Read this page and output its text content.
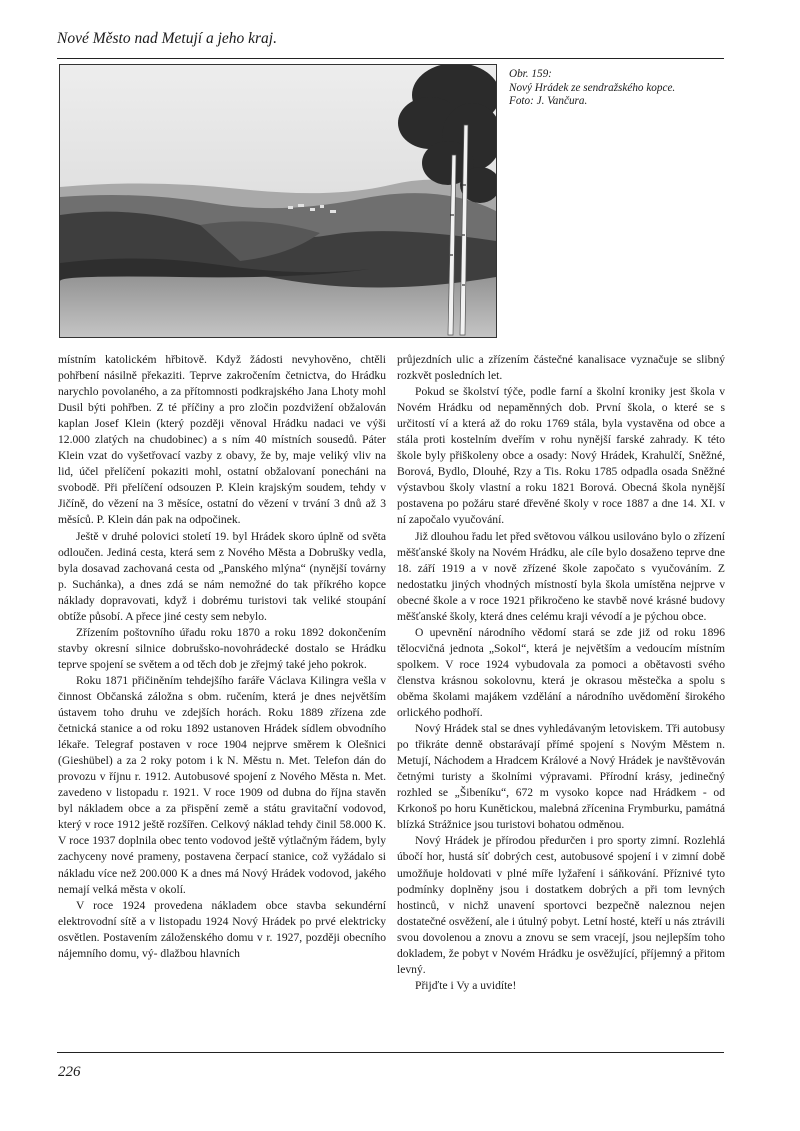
Nové Město nad Metují a jeho kraj.
Obr. 159:
Nový Hrádek ze sendražského kopce.
Foto: J. Vančura.

místním katolickém hřbitově. Když žádosti nevyhověno, chtěli pohřbení násilně překaziti. Teprve zakročením četnictva, do Hrádku narychlo povolaného, a za přítomnosti podkrajského Jana Lhoty mohl Dusil býti pohřben. Z té příčiny a pro zločin pozdvižení obžalován kaplan Josef Klein (který později věnoval Hrádku nadaci ve výši 12.000 zlatých na chudobinec) a s ním 40 místních sousedů. Páter Klein vzat do vyšetřovací vazby z obavy, že by, maje veliký vliv na lid, účel přelíčení pokaziti mohl, ostatní obžalovaní ponecháni na svobodě. Při přelíčení odsouzen P. Klein krajským soudem, tehdy v Jičíně, do vězení na 3 měsíce, ostatní do vězení v trvání 3 dnů až 3 měsíců. P. Klein dán pak na odpočinek.

Ještě v druhé polovici století 19. byl Hrádek skoro úplně od světa odloučen. Jediná cesta, která sem z Nového Města a Dobrušky vedla, byla dosavad zachovaná cesta od „Panského mlýna“ (nynější továrny p. Suchánka), a dnes zdá se nám nemožné do tak příkrého kopce náklady dopravovati, když i dobrému turistovi tak veliké stoupání obtíže působí. A přece jiné cesty sem nebylo.

Zřízením poštovního úřadu roku 1870 a roku 1892 dokončením stavby okresní silnice dobrušsko-novohrádecké dostalo se Hrádku teprve spojení se světem a od těch dob je zřejmý také jeho pokrok.

Roku 1871 přičiněním tehdejšího faráře Václava Kilingra vešla v činnost Občanská záložna s obm. ručením, která je dnes největším ústavem toho druhu ve zdejších horách. Roku 1889 zřízena zde četnická stanice a od roku 1892 ustanoven Hrádek sídlem obvodního lékaře. Telegraf postaven v roce 1904 nejprve směrem k Olešnici (Gieshübel) a za 2 roky potom i k N. Městu n. Met. Telefon dán do provozu v říjnu r. 1912. Autobusové spojení z Nového Města n. Met. zavedeno v listopadu r. 1921. V roce 1909 od dubna do října stavěn byl nákladem obce a za přispění země a státu gravitační vodovod, který v roce 1912 ještě rozšířen. Celkový náklad tehdy činil 58.000 K. V roce 1937 doplnila obec tento vodovod ještě výtlačným řádem, byly zachyceny nové prameny, postavena čerpací stanice, což vyžádalo si nákladu více než 200.000 K a dnes má Nový Hrádek vodovod, jakého nemají velká města v okolí.

V roce 1924 provedena nákladem obce stavba sekundérní elektrovodní sítě a v listopadu 1924 Nový Hrádek po prvé elektricky osvětlen. Postavením záloženského domu v r. 1927, později obecního nájemního domu, vý- dlažbou hlavních

průjezdních ulic a zřízením částečné kanalisace vyznačuje se slibný rozkvět posledních let.

Pokud se školství týče, podle farní a školní kroniky jest škola v Novém Hrádku od nepaměnných dob. První škola, o které se s určitostí ví a která až do roku 1769 stála, byla vystavěna od obce a stála proti kostelním dveřím v rohu nynější farské zahrady. K této škole byly přiškoleny obce a osady: Nový Hrádek, Krahulčí, Sněžné, Borová, Bydlo, Dlouhé, Rzy a Tis. Roku 1785 odpadla osada Sněžné výstavbou školy vlastní a roku 1821 Borová. Obecná škola nynější postavena po požáru staré dřevěné školy v roce 1887 a dne 14. XI. v ní započalo vyučování.

Již dlouhou řadu let před světovou válkou usilováno bylo o zřízení měšťanské školy na Novém Hrádku, ale cíle bylo dosaženo teprve dne 18. září 1919 a v nově zřízené škole započato s vyučováním. Z nedostatku jiných vhodných místností byla škola umístěna nejprve v obecné škole a v roce 1921 přikročeno ke stavbě nové krásné budovy měšťanské školy, která dnes celému kraji vévodí a je pýchou obce.

O upevnění národního vědomí stará se zde již od roku 1896 tělocvičná jednota „Sokol“, která je největším a vedoucím místním spolkem. V roce 1924 vybudovala za pomoci a obětavosti svého členstva krásnou sokolovnu, která je okrasou městečka a spolu s oběma školami majákem vzdělání a národního uvědomění širokého orlického podhoří.

Nový Hrádek stal se dnes vyhledávaným letoviskem. Tři autobusy po třikráte denně obstarávají přímé spojení s Novým Městem n. Metují, Náchodem a Hradcem Králové a Nový Hrádek je navštěvován četnými turisty a školními výpravami. Přírodní krásy, jedinečný rozhled se „Šibeníku“, 672 m vysoko kopce nad Hrádkem - od Krkonoš po horu Kunětickou, malebná zřícenina Frymburku, památná blízká Strážnice jsou turistovi bohatou odměnou.

Nový Hrádek je přírodou předurčen i pro sporty zimní. Rozlehlá úbočí hor, hustá síť dobrých cest, autobusové spojení i v zimní době umožňuje holdovati v plné míře lyžaření i sáňkování. Příznivé tyto podmínky doplněny jsou i dostatkem dobrých a při tom levných hostinců, v nichž unavení sportovci bezpečně naleznou nejen dostatečné osvěžení, ale i útulný pobyt. Letní hosté, kteří u nás ztrávili svou dovolenou a znovu a znovu se sem vracejí, jsou nejlepším toho dokladem, že pobyt v Novém Hrádku je osvěžující, příjemný a přitom levný.

Přijďte i Vy a uvidíte!

226
